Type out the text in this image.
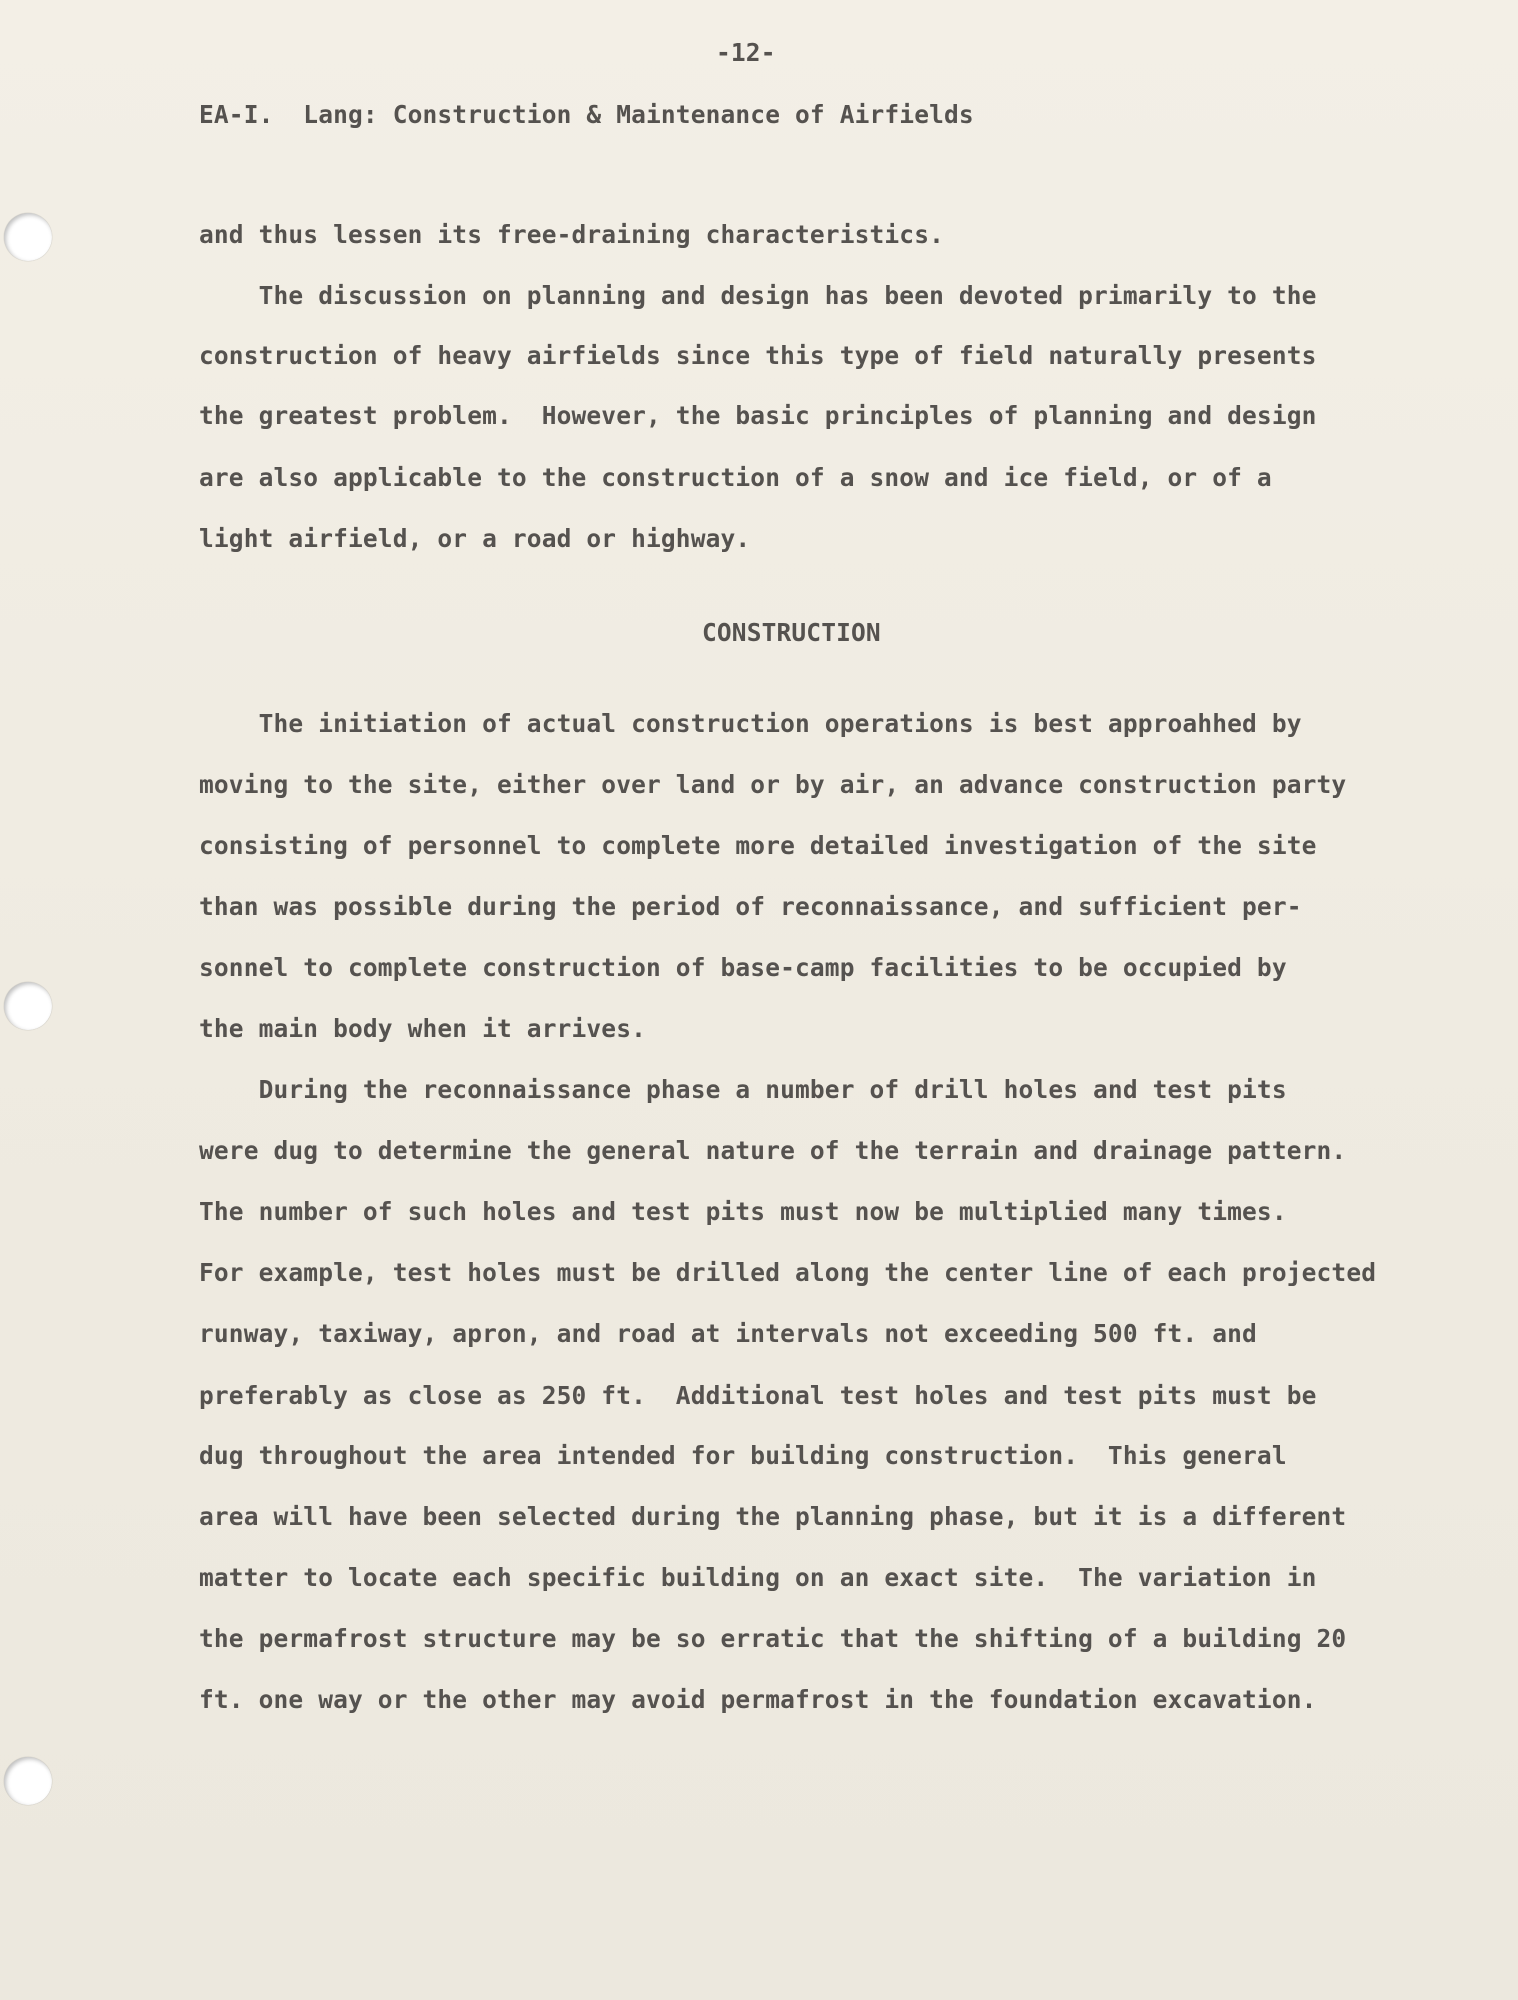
-12-

EA-I.  Lang: Construction & Maintenance of Airfields

and thus lessen its free-draining characteristics.

The discussion on planning and design has been devoted primarily to the

construction of heavy airfields since this type of field naturally presents

the greatest problem.  However, the basic principles of planning and design

are also applicable to the construction of a snow and ice field, or of a

light airfield, or a road or highway.

CONSTRUCTION

The initiation of actual construction operations is best approahhed by

moving to the site, either over land or by air, an advance construction party

consisting of personnel to complete more detailed investigation of the site

than was possible during the period of reconnaissance, and sufficient per-

sonnel to complete construction of base-camp facilities to be occupied by

the main body when it arrives.

During the reconnaissance phase a number of drill holes and test pits

were dug to determine the general nature of the terrain and drainage pattern.

The number of such holes and test pits must now be multiplied many times.

For example, test holes must be drilled along the center line of each projected

runway, taxiway, apron, and road at intervals not exceeding 500 ft. and

preferably as close as 250 ft.  Additional test holes and test pits must be

dug throughout the area intended for building construction.  This general

area will have been selected during the planning phase, but it is a different

matter to locate each specific building on an exact site.  The variation in

the permafrost structure may be so erratic that the shifting of a building 20

ft. one way or the other may avoid permafrost in the foundation excavation.
